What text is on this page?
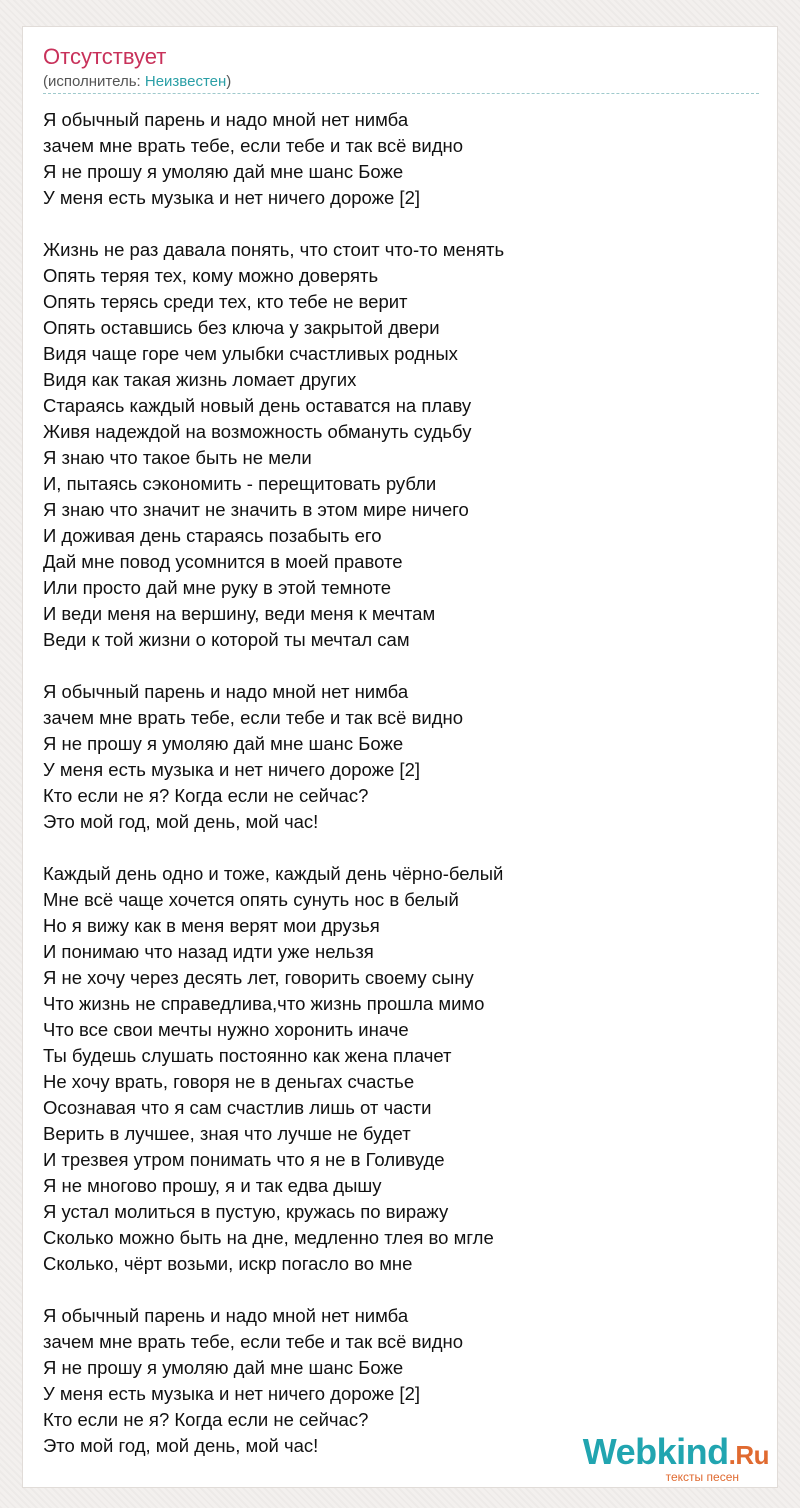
Отсутствует
(исполнитель: Неизвестен)
Я обычный парень и надо мной нет нимба
зачем мне врать тебе, если тебе и так всё видно
Я не прошу я умоляю дай мне шанс Боже
У меня есть музыка и нет ничего дороже [2]
Жизнь не раз давала понять, что стоит что-то менять
Опять теряя тех, кому можно доверять
Опять терясь среди тех, кто тебе не верит
Опять оставшись без ключа у закрытой двери
Видя чаще горе чем улыбки счастливых родных
Видя как такая жизнь ломает других
Стараясь каждый новый день оставатся на плаву
Живя надеждой на возможность обмануть судьбу
Я знаю что такое быть не мели
И, пытаясь сэкономить - перещитовать рубли
Я знаю что значит не значить в этом мире ничего
И доживая день стараясь позабыть его
Дай мне повод усомнится в моей правоте
Или просто дай мне руку в этой темноте
И веди меня на вершину, веди меня к мечтам
Веди к той жизни о которой ты мечтал сам
Я обычный парень и надо мной нет нимба
зачем мне врать тебе, если тебе и так всё видно
Я не прошу я умоляю дай мне шанс Боже
У меня есть музыка и нет ничего дороже [2]
Кто если не я? Когда если не сейчас?
Это мой год, мой день, мой час!
Каждый день одно и тоже, каждый день чёрно-белый
Мне всё чаще хочется опять сунуть нос в белый
Но я вижу как в меня верят мои друзья
И понимаю что назад идти уже нельзя
Я не хочу через десять лет, говорить своему сыну
Что жизнь не справедлива,что жизнь прошла мимо
Что все свои мечты нужно хоронить иначе
Ты будешь слушать постоянно как жена плачет
Не хочу врать, говоря не в деньгах счастье
Осознавая что я сам счастлив лишь от части
Верить в лучшее, зная что лучше не будет
И трезвея утром понимать что я не в Голивуде
Я не многово прошу, я и так едва дышу
Я устал молиться в пустую, кружась по виражу
Сколько можно быть на дне, медленно тлея во мгле
Сколько, чёрт возьми, искр погасло во мне
Я обычный парень и надо мной нет нимба
зачем мне врать тебе, если тебе и так всё видно
Я не прошу я умоляю дай мне шанс Боже
У меня есть музыка и нет ничего дороже [2]
Кто если не я? Когда если не сейчас?
Это мой год, мой день, мой час!	Webkind.Ru
тексты песен
